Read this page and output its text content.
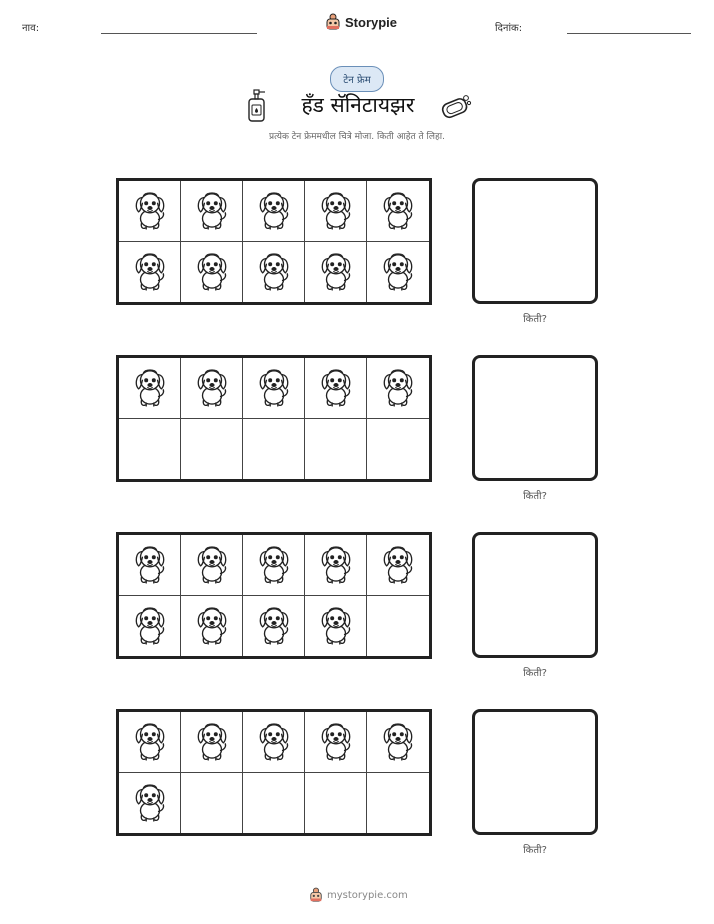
नाव:	Storypie	दिनांक:
टेन फ्रेम
हँड सॅनिटायझर
प्रत्येक टेन फ्रेममधील चित्रे मोजा. किती आहेत ते लिहा.
किती?
किती?
किती?
किती?
mystorypie.com
